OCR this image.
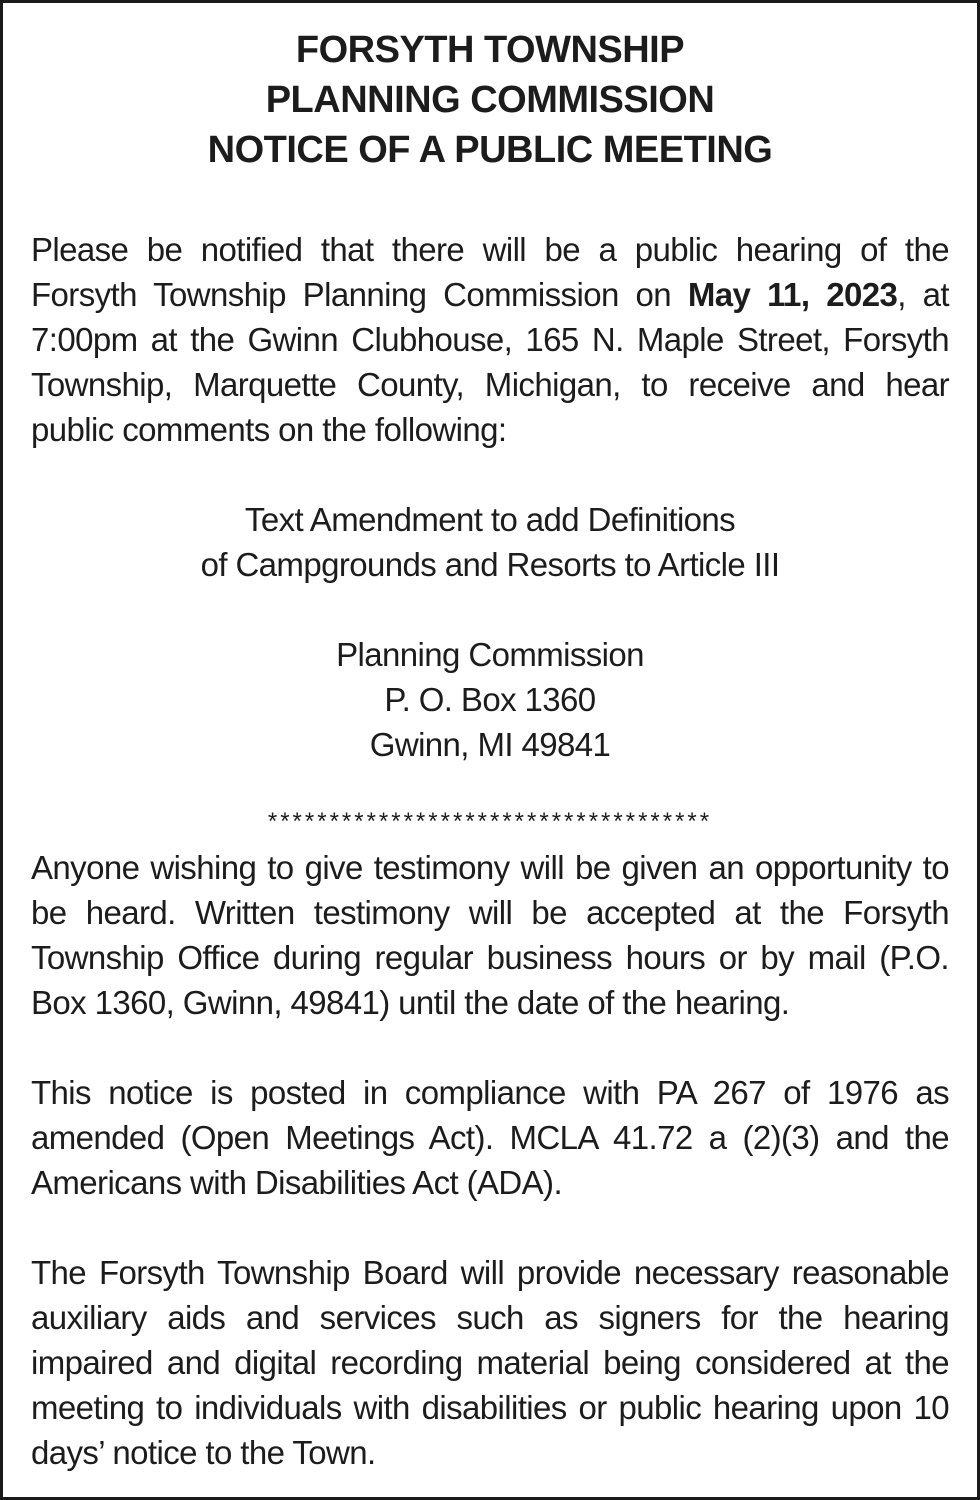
FORSYTH TOWNSHIP
PLANNING COMMISSION
NOTICE OF A PUBLIC MEETING

Please be notified that there will be a public hearing of the Forsyth Township Planning Commission on May 11, 2023, at 7:00pm at the Gwinn Clubhouse, 165 N. Maple Street, Forsyth Township, Marquette County, Michigan, to receive and hear public comments on the following:

Text Amendment to add Definitions
of Campgrounds and Resorts to Article III

Planning Commission
P. O. Box 1360
Gwinn, MI 49841

************************************

Anyone wishing to give testimony will be given an opportunity to be heard. Written testimony will be accepted at the Forsyth Township Office during regular business hours or by mail (P.O. Box 1360, Gwinn, 49841) until the date of the hearing.

This notice is posted in compliance with PA 267 of 1976 as amended (Open Meetings Act). MCLA 41.72 a (2)(3) and the Americans with Disabilities Act (ADA).

The Forsyth Township Board will provide necessary reasonable auxiliary aids and services such as signers for the hearing impaired and digital recording material being considered at the meeting to individuals with disabilities or public hearing upon 10 days’ notice to the Town.
